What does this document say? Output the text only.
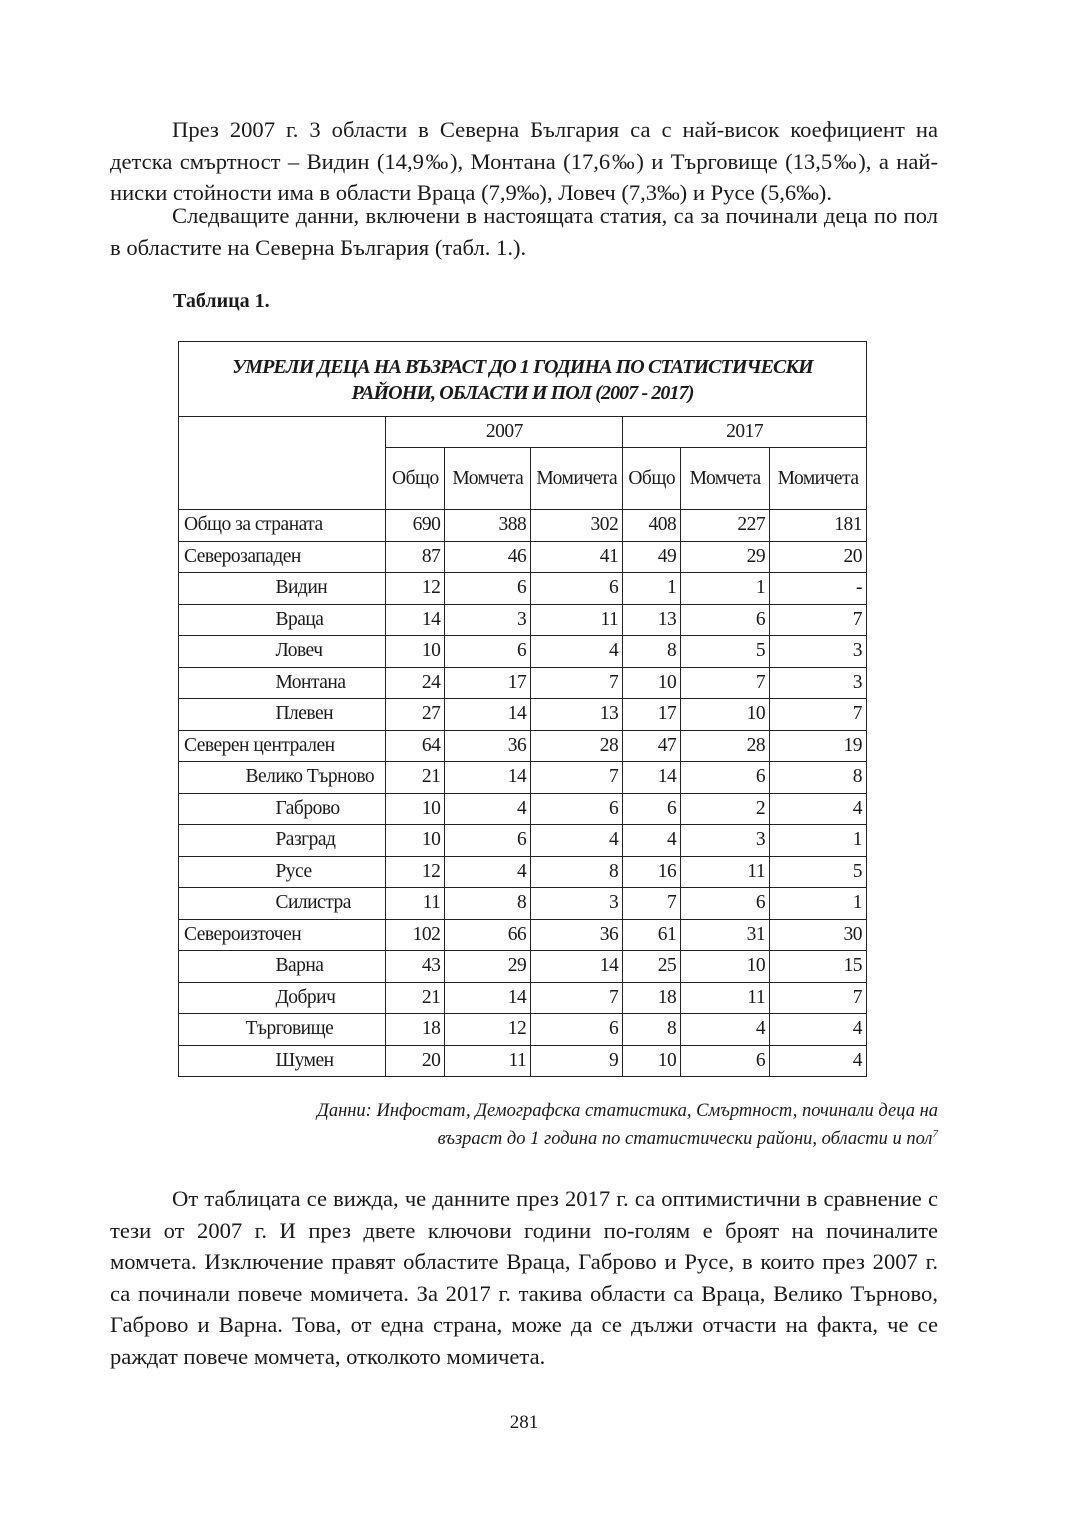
През 2007 г. 3 области в Северна България са с най-висок коефициент на детска смъртност – Видин (14,9‰), Монтана (17,6‰) и Търговище (13,5‰), а най-ниски стойности има в области Враца (7,9‰), Ловеч (7,3‰) и Русе (5,6‰).

Следващите данни, включени в настоящата статия, са за починали деца по пол в областите на Северна България (табл. 1.).

Таблица 1.

УМРЕЛИ ДЕЦА НА ВЪЗРАСТ ДО 1 ГОДИНА ПО СТАТИСТИЧЕСКИ
РАЙОНИ, ОБЛАСТИ И ПОЛ (2007 - 2017)						

	2007			2017		
	Общо	Момчета	Момичета	Общо	Момчета	Момичета
Общо за страната	690	388	302	408	227	181
Северозападен	87	46	41	49	29	20

Видин	12	6	6	1	1	-

Враца	14	3	11	13	6	7

Ловеч	10	6	4	8	5	3

Монтана	24	17	7	10	7	3

Плевен	27	14	13	17	10	7
Северен централен	64	36	28	47	28	19

Велико Търново	21	14	7	14	6	8

Габрово	10	4	6	6	2	4

Разград	10	6	4	4	3	1

Русе	12	4	8	16	11	5

Силистра	11	8	3	7	6	1
Североизточен	102	66	36	61	31	30

Варна	43	29	14	25	10	15

Добрич	21	14	7	18	11	7

Търговище	18	12	6	8	4	4

Шумен	20	11	9	10	6	4
Данни: Инфостат, Демографска статистика, Смъртност, починали деца на
възраст до 1 година по статистически райони, области и пол$^7$

От таблицата се вижда, че данните през 2017 г. са оптимистични в сравнение с тези от 2007 г. И през двете ключови години по-голям е броят на починалите момчета. Изключение правят областите Враца, Габрово и Русе, в които през 2007 г. са починали повече момичета. За 2017 г. такива области са Враца, Велико Търново, Габрово и Варна. Това, от една страна, може да се дължи отчасти на факта, че се раждат повече момчета, отколкото момичета.

281
